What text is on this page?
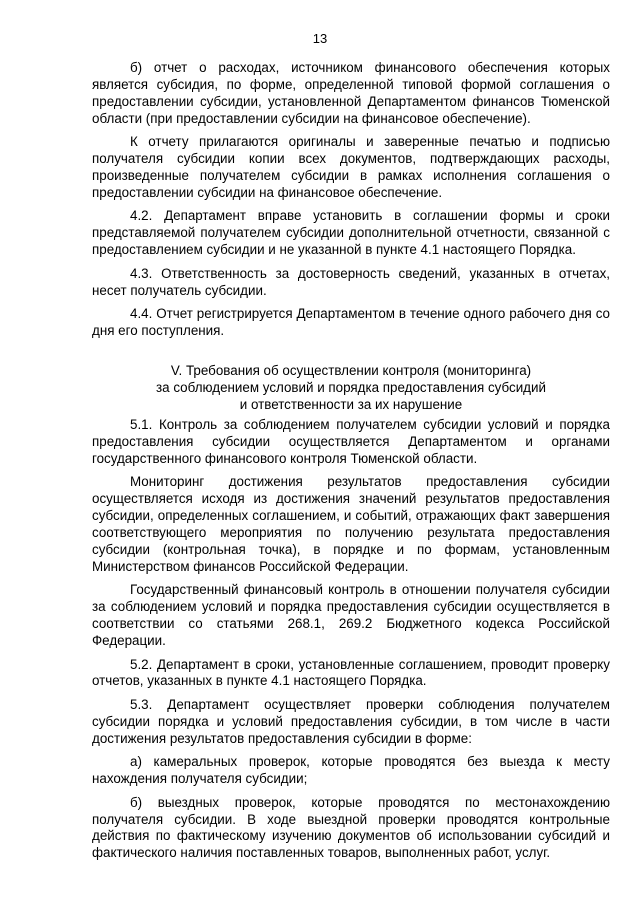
13

б) отчет о расходах, источником финансового обеспечения которых является субсидия, по форме, определенной типовой формой соглашения о предоставлении субсидии, установленной Департаментом финансов Тюменской области (при предоставлении субсидии на финансовое обеспечение).

К отчету прилагаются оригиналы и заверенные печатью и подписью получателя субсидии копии всех документов, подтверждающих расходы, произведенные получателем субсидии в рамках исполнения соглашения о предоставлении субсидии на финансовое обеспечение.

4.2. Департамент вправе установить в соглашении формы и сроки представляемой получателем субсидии дополнительной отчетности, связанной с предоставлением субсидии и не указанной в пункте 4.1 настоящего Порядка.

4.3. Ответственность за достоверность сведений, указанных в отчетах, несет получатель субсидии.

4.4. Отчет регистрируется Департаментом в течение одного рабочего дня со дня его поступления.

V. Требования об осуществлении контроля (мониторинга)
за соблюдением условий и порядка предоставления субсидий
и ответственности за их нарушение

5.1. Контроль за соблюдением получателем субсидии условий и порядка предоставления субсидии осуществляется Департаментом и органами государственного финансового контроля Тюменской области.

Мониторинг достижения результатов предоставления субсидии осуществляется исходя из достижения значений результатов предоставления субсидии, определенных соглашением, и событий, отражающих факт завершения соответствующего мероприятия по получению результата предоставления субсидии (контрольная точка), в порядке и по формам, установленным Министерством финансов Российской Федерации.

Государственный финансовый контроль в отношении получателя субсидии за соблюдением условий и порядка предоставления субсидии осуществляется в соответствии со статьями 268.1, 269.2 Бюджетного кодекса Российской Федерации.

5.2. Департамент в сроки, установленные соглашением, проводит проверку отчетов, указанных в пункте 4.1 настоящего Порядка.

5.3. Департамент осуществляет проверки соблюдения получателем субсидии порядка и условий предоставления субсидии, в том числе в части достижения результатов предоставления субсидии в форме:

а) камеральных проверок, которые проводятся без выезда к месту нахождения получателя субсидии;

б) выездных проверок, которые проводятся по местонахождению получателя субсидии. В ходе выездной проверки проводятся контрольные действия по фактическому изучению документов об использовании субсидий и фактического наличия поставленных товаров, выполненных работ, услуг.
